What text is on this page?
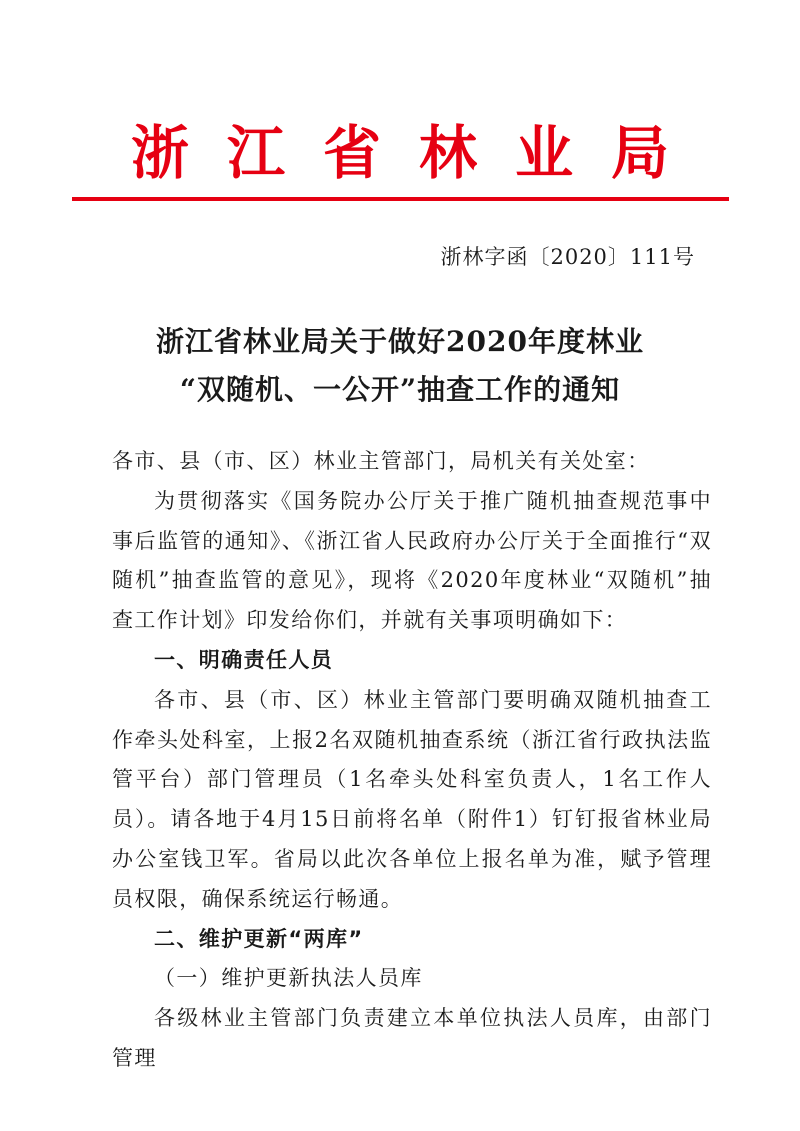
浙江省林业局
浙林字函〔2020〕111号
浙江省林业局关于做好2020年度林业
“双随机、一公开”抽查工作的通知

各市、县（市、区）林业主管部门，局机关有关处室：

为贯彻落实《国务院办公厅关于推广随机抽查规范事中事后监管的通知》、《浙江省人民政府办公厅关于全面推行“双随机”抽查监管的意见》，现将《2020年度林业“双随机”抽查工作计划》印发给你们，并就有关事项明确如下：

一、明确责任人员

各市、县（市、区）林业主管部门要明确双随机抽查工作牵头处科室，上报2名双随机抽查系统（浙江省行政执法监管平台）部门管理员（1名牵头处科室负责人，1名工作人员）。请各地于4月15日前将名单（附件1）钉钉报省林业局办公室钱卫军。省局以此次各单位上报名单为准，赋予管理员权限，确保系统运行畅通。

二、维护更新“两库”

（一）维护更新执法人员库

各级林业主管部门负责建立本单位执法人员库，由部门管理
